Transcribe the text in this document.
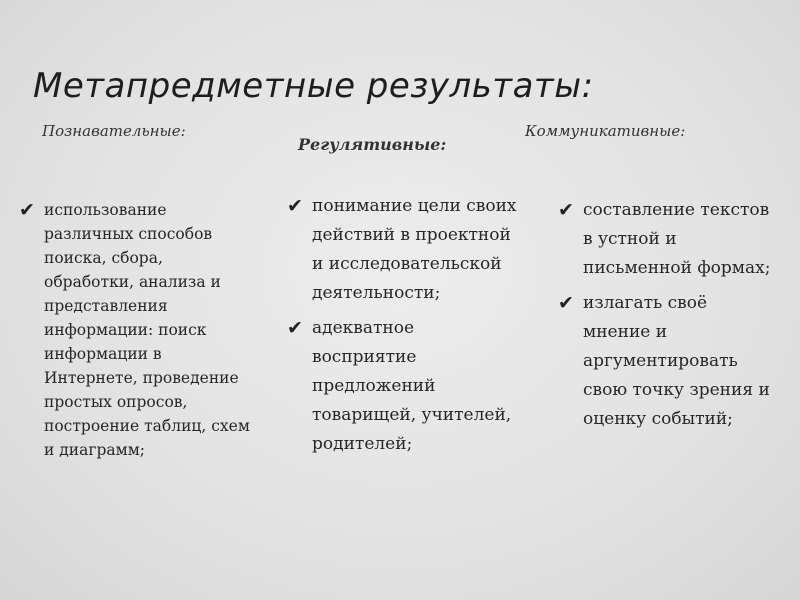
Метапредметные результаты:
Познавательные:
Регулятивные:
Коммуникативные:
✔ использование различных способов поиска, сбора, обработки, анализа и представления информации: поиск информации в Интернете, проведение простых опросов, построение таблиц, схем и диаграмм;
✔ понимание цели своих действий в проектной и исследовательской деятельности;
✔ адекватное восприятие предложений товарищей, учителей, родителей;
✔ составление текстов в устной и письменной формах;
✔ излагать своё мнение и аргументировать свою точку зрения и оценку событий;
